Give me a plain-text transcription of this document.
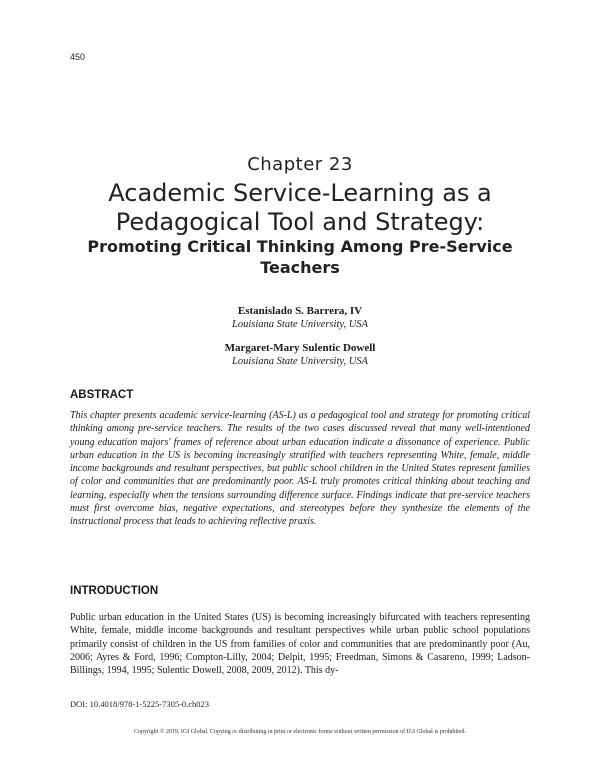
450
Chapter 23
Academic Service-Learning as a Pedagogical Tool and Strategy:
Promoting Critical Thinking Among Pre-Service Teachers
Estanislado S. Barrera, IV
Louisiana State University, USA
Margaret-Mary Sulentic Dowell
Louisiana State University, USA
ABSTRACT

This chapter presents academic service-learning (AS-L) as a pedagogical tool and strategy for promoting critical thinking among pre-service teachers. The results of the two cases discussed reveal that many well-intentioned young education majors' frames of reference about urban education indicate a dissonance of experience. Public urban education in the US is becoming increasingly stratified with teachers representing White, female, middle income backgrounds and resultant perspectives, but public school children in the United States represent families of color and communities that are predominantly poor. AS-L truly promotes critical thinking about teaching and learning, especially when the tensions surrounding difference surface. Findings indicate that pre-service teachers must first overcome bias, negative expectations, and stereotypes before they synthesize the elements of the instructional process that leads to achieving reflective praxis.

INTRODUCTION

Public urban education in the United States (US) is becoming increasingly bifurcated with teachers representing White, female, middle income backgrounds and resultant perspectives while urban public school populations primarily consist of children in the US from families of color and communities that are predominantly poor (Au, 2006; Ayres & Ford, 1996; Compton-Lilly, 2004; Delpit, 1995; Freedman, Simons & Casareno, 1999; Ladson-Billings, 1994, 1995; Sulentic Dowell, 2008, 2009, 2012). This dy-

DOI: 10.4018/978-1-5225-7305-0.ch023
Copyright © 2019, IGI Global. Copying or distributing in print or electronic forms without written permission of IGI Global is prohibited.
